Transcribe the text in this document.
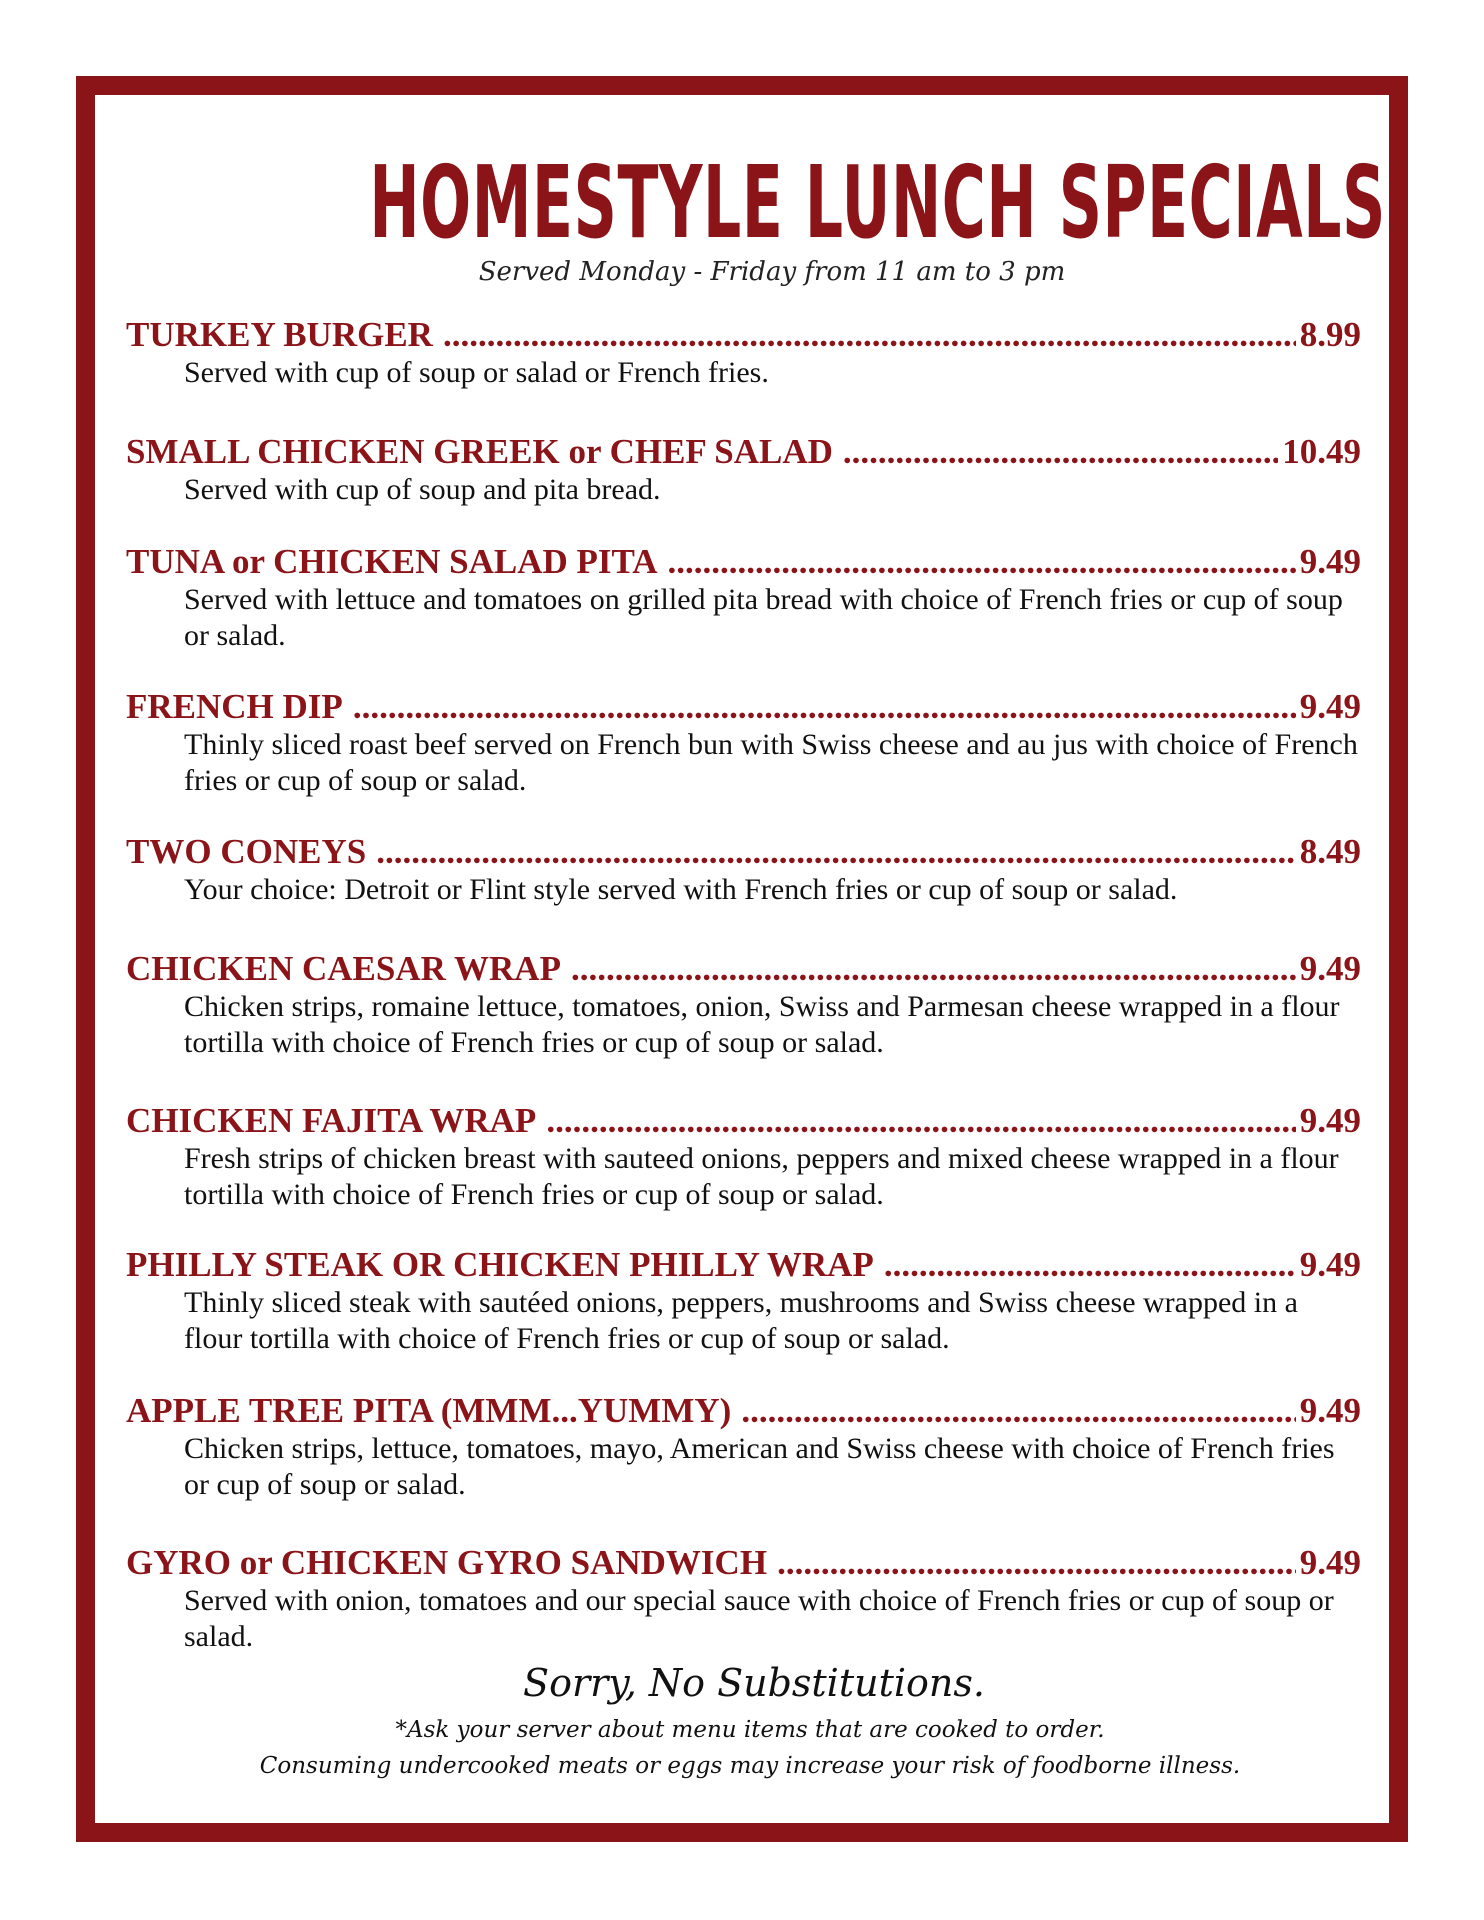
HOMESTYLE LUNCH SPECIALS
Served Monday - Friday from 11 am to 3 pm
TURKEY BURGER .....	8.99
Served with cup of soup or salad or French fries.
SMALL CHICKEN GREEK or CHEF SALAD .....	10.49
Served with cup of soup and pita bread.
TUNA or CHICKEN SALAD PITA .....	9.49
Served with lettuce and tomatoes on grilled pita bread with choice of French fries or cup of soup or salad.
FRENCH DIP .....	9.49
Thinly sliced roast beef served on French bun with Swiss cheese and au jus with choice of French fries or cup of soup or salad.
TWO CONEYS .....	8.49
Your choice: Detroit or Flint style served with French fries or cup of soup or salad.
CHICKEN CAESAR WRAP .....	9.49
Chicken strips, romaine lettuce, tomatoes, onion, Swiss and Parmesan cheese wrapped in a flour tortilla with choice of French fries or cup of soup or salad.
CHICKEN FAJITA WRAP .....	9.49
Fresh strips of chicken breast with sauteed onions, peppers and mixed cheese wrapped in a flour tortilla with choice of French fries or cup of soup or salad.
PHILLY STEAK OR CHICKEN PHILLY WRAP .....	9.49
Thinly sliced steak with sautéed onions, peppers, mushrooms and Swiss cheese wrapped in a flour tortilla with choice of French fries or cup of soup or salad.
APPLE TREE PITA (MMM...YUMMY) .....	9.49
Chicken strips, lettuce, tomatoes, mayo, American and Swiss cheese with choice of French fries or cup of soup or salad.
GYRO or CHICKEN GYRO SANDWICH .....	9.49
Served with onion, tomatoes and our special sauce with choice of French fries or cup of soup or salad.
Sorry, No Substitutions.
*Ask your server about menu items that are cooked to order.
Consuming undercooked meats or eggs may increase your risk of foodborne illness.
